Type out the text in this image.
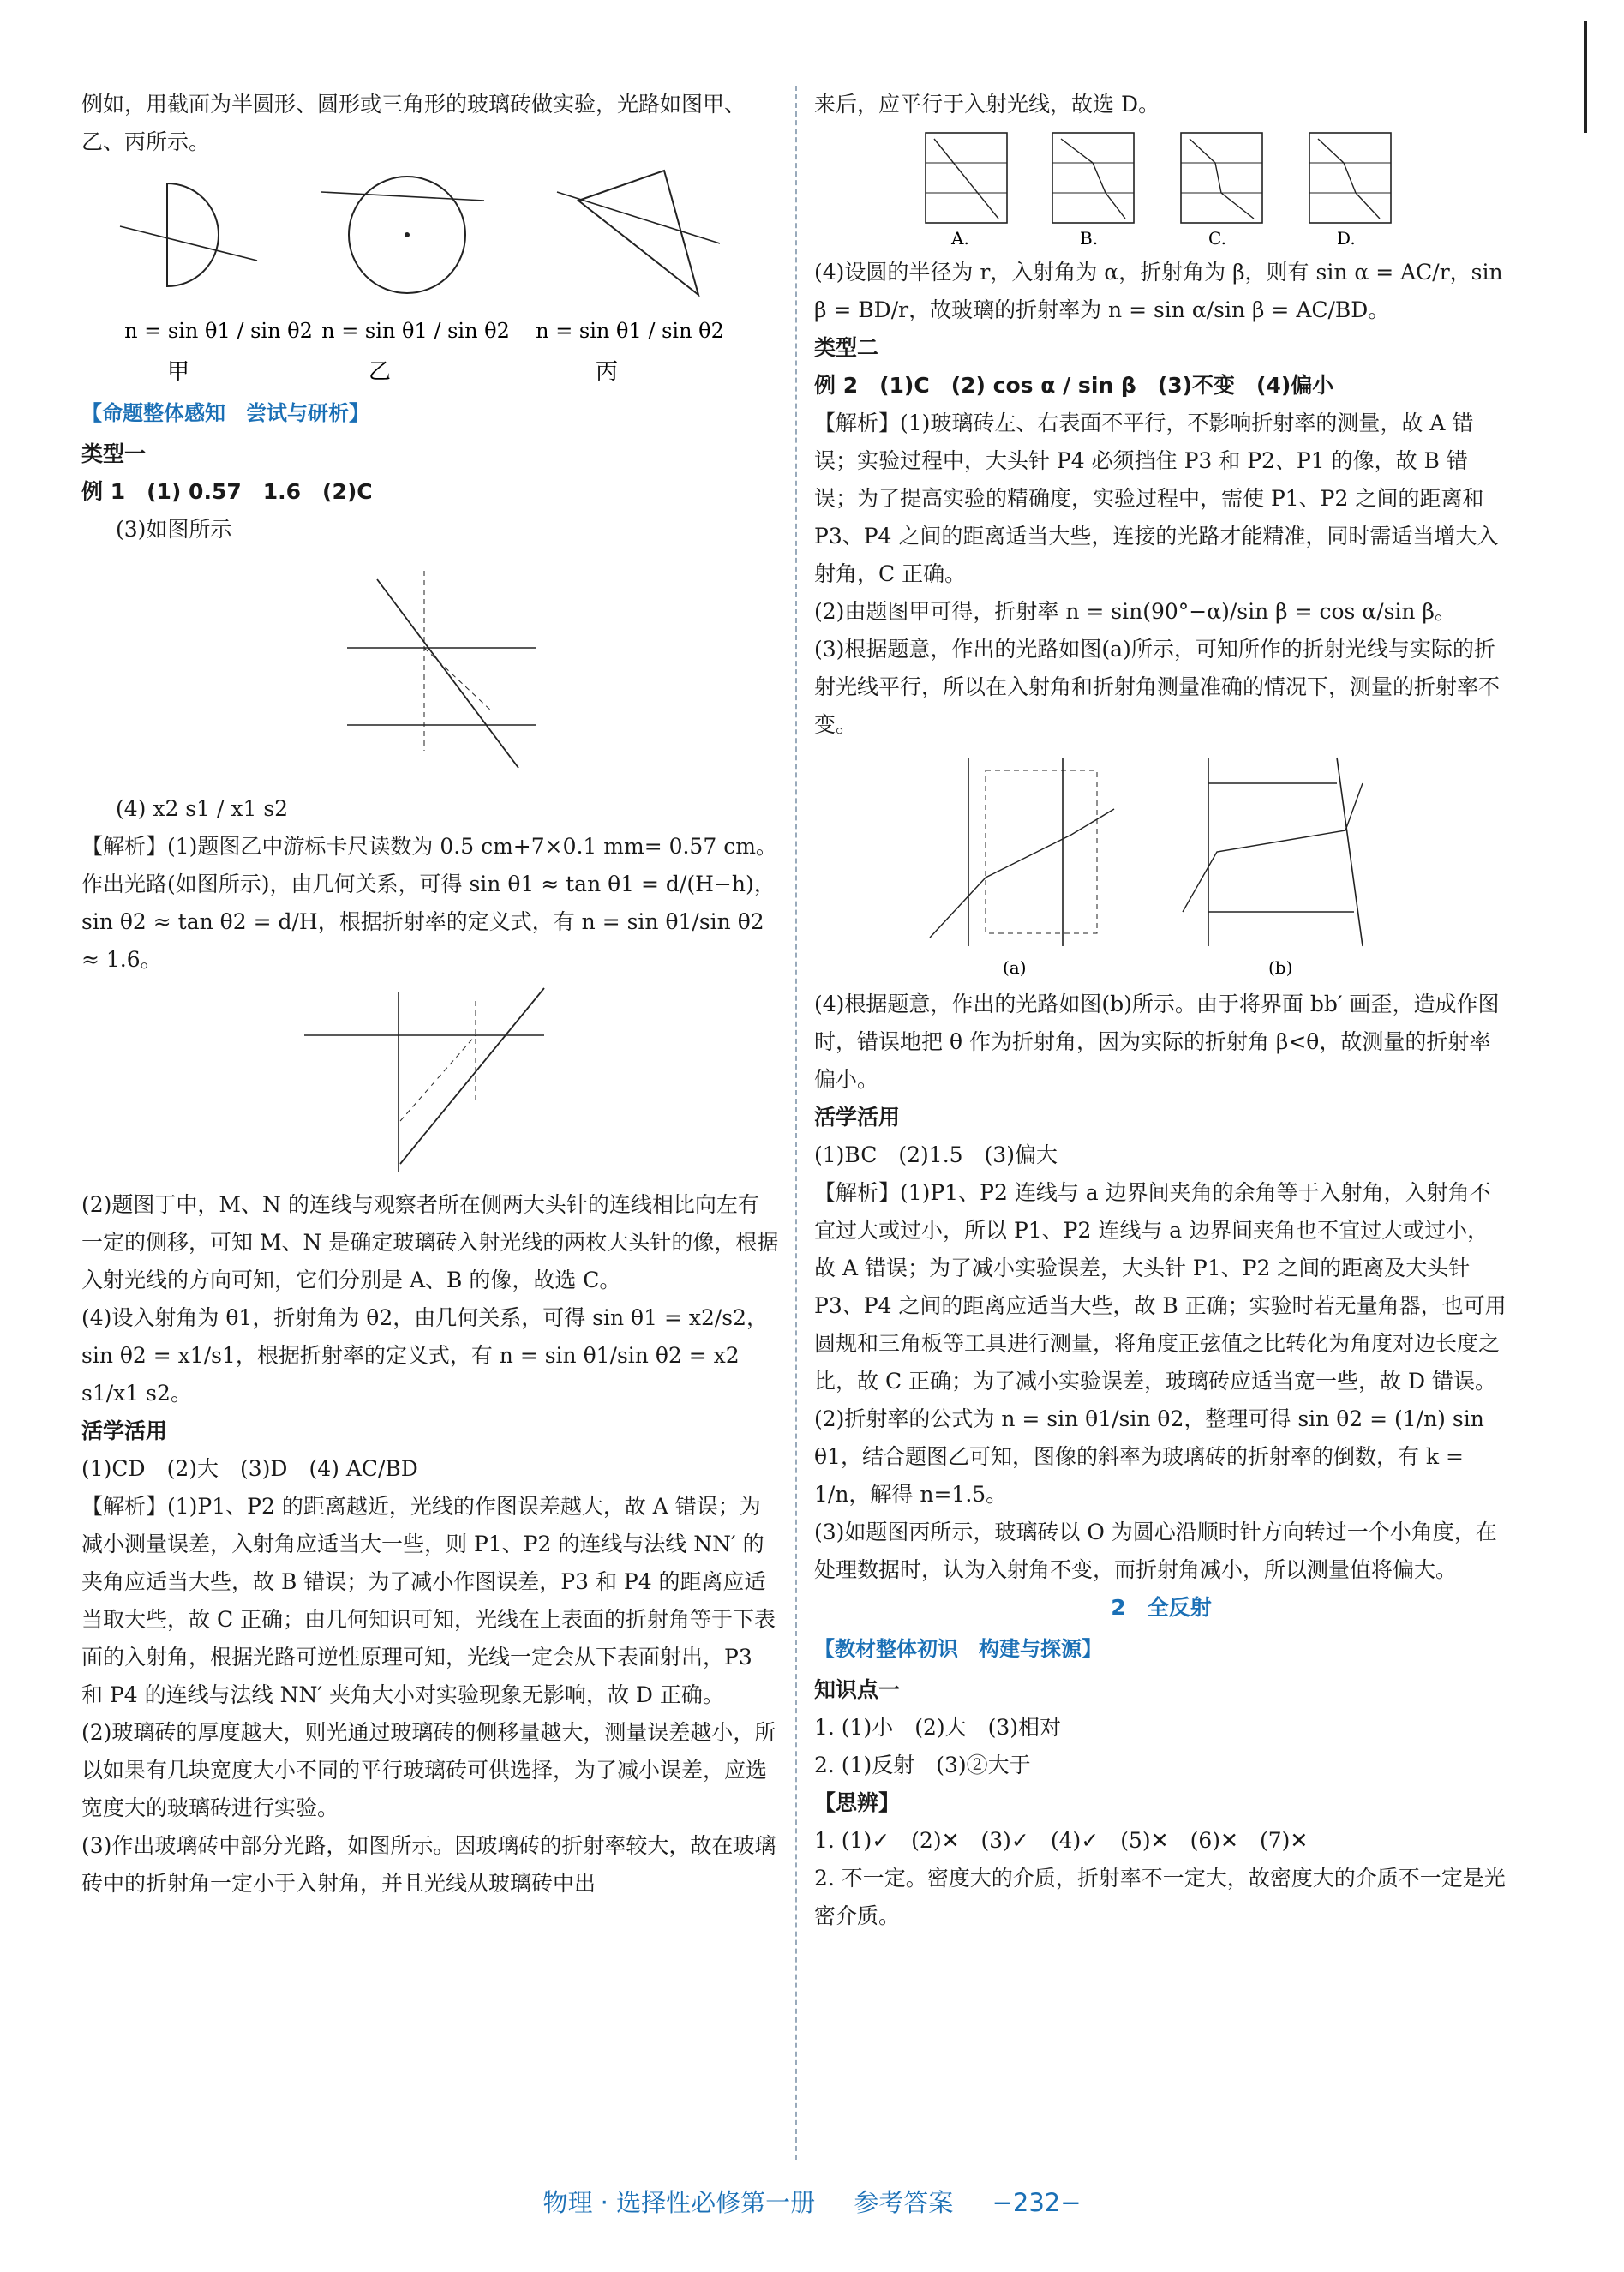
例如，用截面为半圆形、圆形或三角形的玻璃砖做实验，光路如图甲、乙、丙所示。

n = sin θ1 / sin θ2 n = sin θ1 / sin θ2 n = sin θ1 / sin θ2
甲	乙	丙

【命题整体感知　尝试与研析】

类型一

例 1　(1) 0.57　1.6　(2)C

(3)如图所示

(4) x2 s1 / x1 s2

【解析】(1)题图乙中游标卡尺读数为 0.5 cm+7×0.1 mm= 0.57 cm。作出光路(如图所示)，由几何关系，可得 sin θ1 ≈ tan θ1 = d/(H−h)，sin θ2 ≈ tan θ2 = d/H，根据折射率的定义式，有 n = sin θ1/sin θ2 ≈ 1.6。

(2)题图丁中，M、N 的连线与观察者所在侧两大头针的连线相比向左有一定的侧移，可知 M、N 是确定玻璃砖入射光线的两枚大头针的像，根据入射光线的方向可知，它们分别是 A、B 的像，故选 C。

(4)设入射角为 θ1，折射角为 θ2，由几何关系，可得 sin θ1 = x2/s2，sin θ2 = x1/s1，根据折射率的定义式，有 n = sin θ1/sin θ2 = x2 s1/x1 s2。

活学活用

(1)CD　(2)大　(3)D　(4) AC/BD

【解析】(1)P1、P2 的距离越近，光线的作图误差越大，故 A 错误；为减小测量误差，入射角应适当大一些，则 P1、P2 的连线与法线 NN′ 的夹角应适当大些，故 B 错误；为了减小作图误差，P3 和 P4 的距离应适当取大些，故 C 正确；由几何知识可知，光线在上表面的折射角等于下表面的入射角，根据光路可逆性原理可知，光线一定会从下表面射出，P3 和 P4 的连线与法线 NN′ 夹角大小对实验现象无影响，故 D 正确。

(2)玻璃砖的厚度越大，则光通过玻璃砖的侧移量越大，测量误差越小，所以如果有几块宽度大小不同的平行玻璃砖可供选择，为了减小误差，应选宽度大的玻璃砖进行实验。

(3)作出玻璃砖中部分光路，如图所示。因玻璃砖的折射率较大，故在玻璃砖中的折射角一定小于入射角，并且光线从玻璃砖中出

来后，应平行于入射光线，故选 D。

A.	B.	C.	D.

(4)设圆的半径为 r，入射角为 α，折射角为 β，则有 sin α = AC/r，sin β = BD/r，故玻璃的折射率为 n = sin α/sin β = AC/BD。

类型二

例 2　(1)C　(2) cos α / sin β　(3)不变　(4)偏小

【解析】(1)玻璃砖左、右表面不平行，不影响折射率的测量，故 A 错误；实验过程中，大头针 P4 必须挡住 P3 和 P2、P1 的像，故 B 错误；为了提高实验的精确度，实验过程中，需使 P1、P2 之间的距离和 P3、P4 之间的距离适当大些，连接的光路才能精准，同时需适当增大入射角，C 正确。

(2)由题图甲可得，折射率 n = sin(90°−α)/sin β = cos α/sin β。

(3)根据题意，作出的光路如图(a)所示，可知所作的折射光线与实际的折射光线平行，所以在入射角和折射角测量准确的情况下，测量的折射率不变。

(a)	(b)

(4)根据题意，作出的光路如图(b)所示。由于将界面 bb′ 画歪，造成作图时，错误地把 θ 作为折射角，因为实际的折射角 β<θ，故测量的折射率偏小。

活学活用

(1)BC　(2)1.5　(3)偏大

【解析】(1)P1、P2 连线与 a 边界间夹角的余角等于入射角，入射角不宜过大或过小，所以 P1、P2 连线与 a 边界间夹角也不宜过大或过小，故 A 错误；为了减小实验误差，大头针 P1、P2 之间的距离及大头针 P3、P4 之间的距离应适当大些，故 B 正确；实验时若无量角器，也可用圆规和三角板等工具进行测量，将角度正弦值之比转化为角度对边长度之比，故 C 正确；为了减小实验误差，玻璃砖应适当宽一些，故 D 错误。

(2)折射率的公式为 n = sin θ1/sin θ2，整理可得 sin θ2 = (1/n) sin θ1，结合题图乙可知，图像的斜率为玻璃砖的折射率的倒数，有 k = 1/n，解得 n=1.5。

(3)如题图丙所示，玻璃砖以 O 为圆心沿顺时针方向转过一个小角度，在处理数据时，认为入射角不变，而折射角减小，所以测量值将偏大。

2　全反射

【教材整体初识　构建与探源】

知识点一

1. (1)小　(2)大　(3)相对

2. (1)反射　(3)②大于

【思辨】

1. (1)✓　(2)✕　(3)✓　(4)✓　(5)✕　(6)✕　(7)✕

2. 不一定。密度大的介质，折射率不一定大，故密度大的介质不一定是光密介质。

物理 · 选择性必修第一册 参考答案 −232−
